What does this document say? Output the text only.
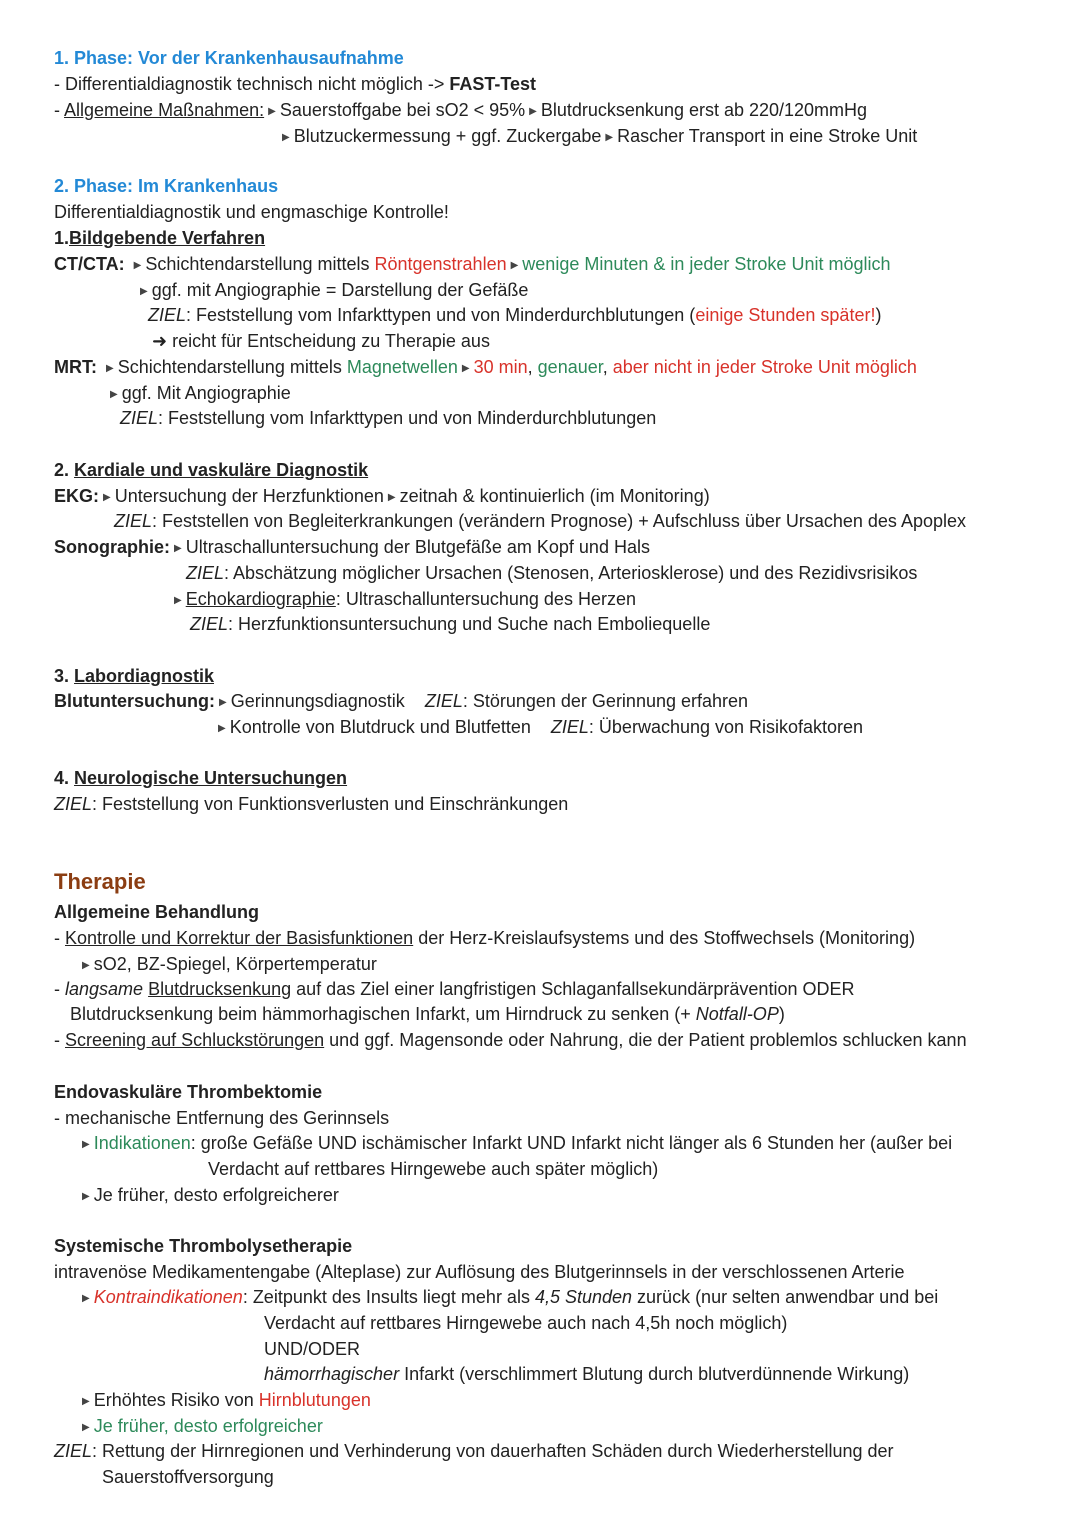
1. Phase: Vor der Krankenhausaufnahme
- Differentialdiagnostik technisch nicht möglich -> FAST-Test
- Allgemeine Maßnahmen: ▶ Sauerstoffgabe bei sO2 < 95% ▶ Blutdrucksenkung erst ab 220/120mmHg
▶ Blutzuckermessung + ggf. Zuckergabe ▶ Rascher Transport in eine Stroke Unit
2. Phase: Im Krankenhaus
Differentialdiagnostik und engmaschige Kontrolle!
1.Bildgebende Verfahren
CT/CTA: ▶ Schichtendarstellung mittels Röntgenstrahlen ▶ wenige Minuten & in jeder Stroke Unit möglich
▶ ggf. mit Angiographie = Darstellung der Gefäße
ZIEL: Feststellung vom Infarkttypen und von Minderdurchblutungen (einige Stunden später!)
➜ reicht für Entscheidung zu Therapie aus
MRT: ▶ Schichtendarstellung mittels Magnetwellen ▶ 30 min, genauer, aber nicht in jeder Stroke Unit möglich
▶ ggf. Mit Angiographie
ZIEL: Feststellung vom Infarkttypen und von Minderdurchblutungen
2. Kardiale und vaskuläre Diagnostik
EKG: ▶ Untersuchung der Herzfunktionen ▶ zeitnah & kontinuierlich (im Monitoring)
ZIEL: Feststellen von Begleiterkrankungen (verändern Prognose) + Aufschluss über Ursachen des Apoplex
Sonographie: ▶ Ultraschalluntersuchung der Blutgefäße am Kopf und Hals
ZIEL: Abschätzung möglicher Ursachen (Stenosen, Arteriosklerose) und des Rezidivsrisikos
▶ Echokardiographie: Ultraschalluntersuchung des Herzen
ZIEL: Herzfunktionsuntersuchung und Suche nach Emboliequelle
3. Labordiagnostik
Blutuntersuchung: ▶ Gerinnungsdiagnostik ZIEL: Störungen der Gerinnung erfahren
▶ Kontrolle von Blutdruck und Blutfetten ZIEL: Überwachung von Risikofaktoren
4. Neurologische Untersuchungen
ZIEL: Feststellung von Funktionsverlusten und Einschränkungen
Therapie
Allgemeine Behandlung
- Kontrolle und Korrektur der Basisfunktionen der Herz-Kreislaufsystems und des Stoffwechsels (Monitoring)
▶ sO2, BZ-Spiegel, Körpertemperatur
- langsame Blutdrucksenkung auf das Ziel einer langfristigen Schlaganfallsekundärprävention ODER
Blutdrucksenkung beim hämmorhagischen Infarkt, um Hirndruck zu senken (+ Notfall-OP)
- Screening auf Schluckstörungen und ggf. Magensonde oder Nahrung, die der Patient problemlos schlucken kann
Endovaskuläre Thrombektomie
- mechanische Entfernung des Gerinnsels
▶ Indikationen: große Gefäße UND ischämischer Infarkt UND Infarkt nicht länger als 6 Stunden her (außer bei
Verdacht auf rettbares Hirngewebe auch später möglich)
▶ Je früher, desto erfolgreicherer
Systemische Thrombolysetherapie
intravenöse Medikamentengabe (Alteplase) zur Auflösung des Blutgerinnsels in der verschlossenen Arterie
▶ Kontraindikationen: Zeitpunkt des Insults liegt mehr als 4,5 Stunden zurück (nur selten anwendbar und bei
Verdacht auf rettbares Hirngewebe auch nach 4,5h noch möglich)
UND/ODER
hämorrhagischer Infarkt (verschlimmert Blutung durch blutverdünnende Wirkung)
▶ Erhöhtes Risiko von Hirnblutungen
▶ Je früher, desto erfolgreicher
ZIEL: Rettung der Hirnregionen und Verhinderung von dauerhaften Schäden durch Wiederherstellung der
Sauerstoffversorgung
